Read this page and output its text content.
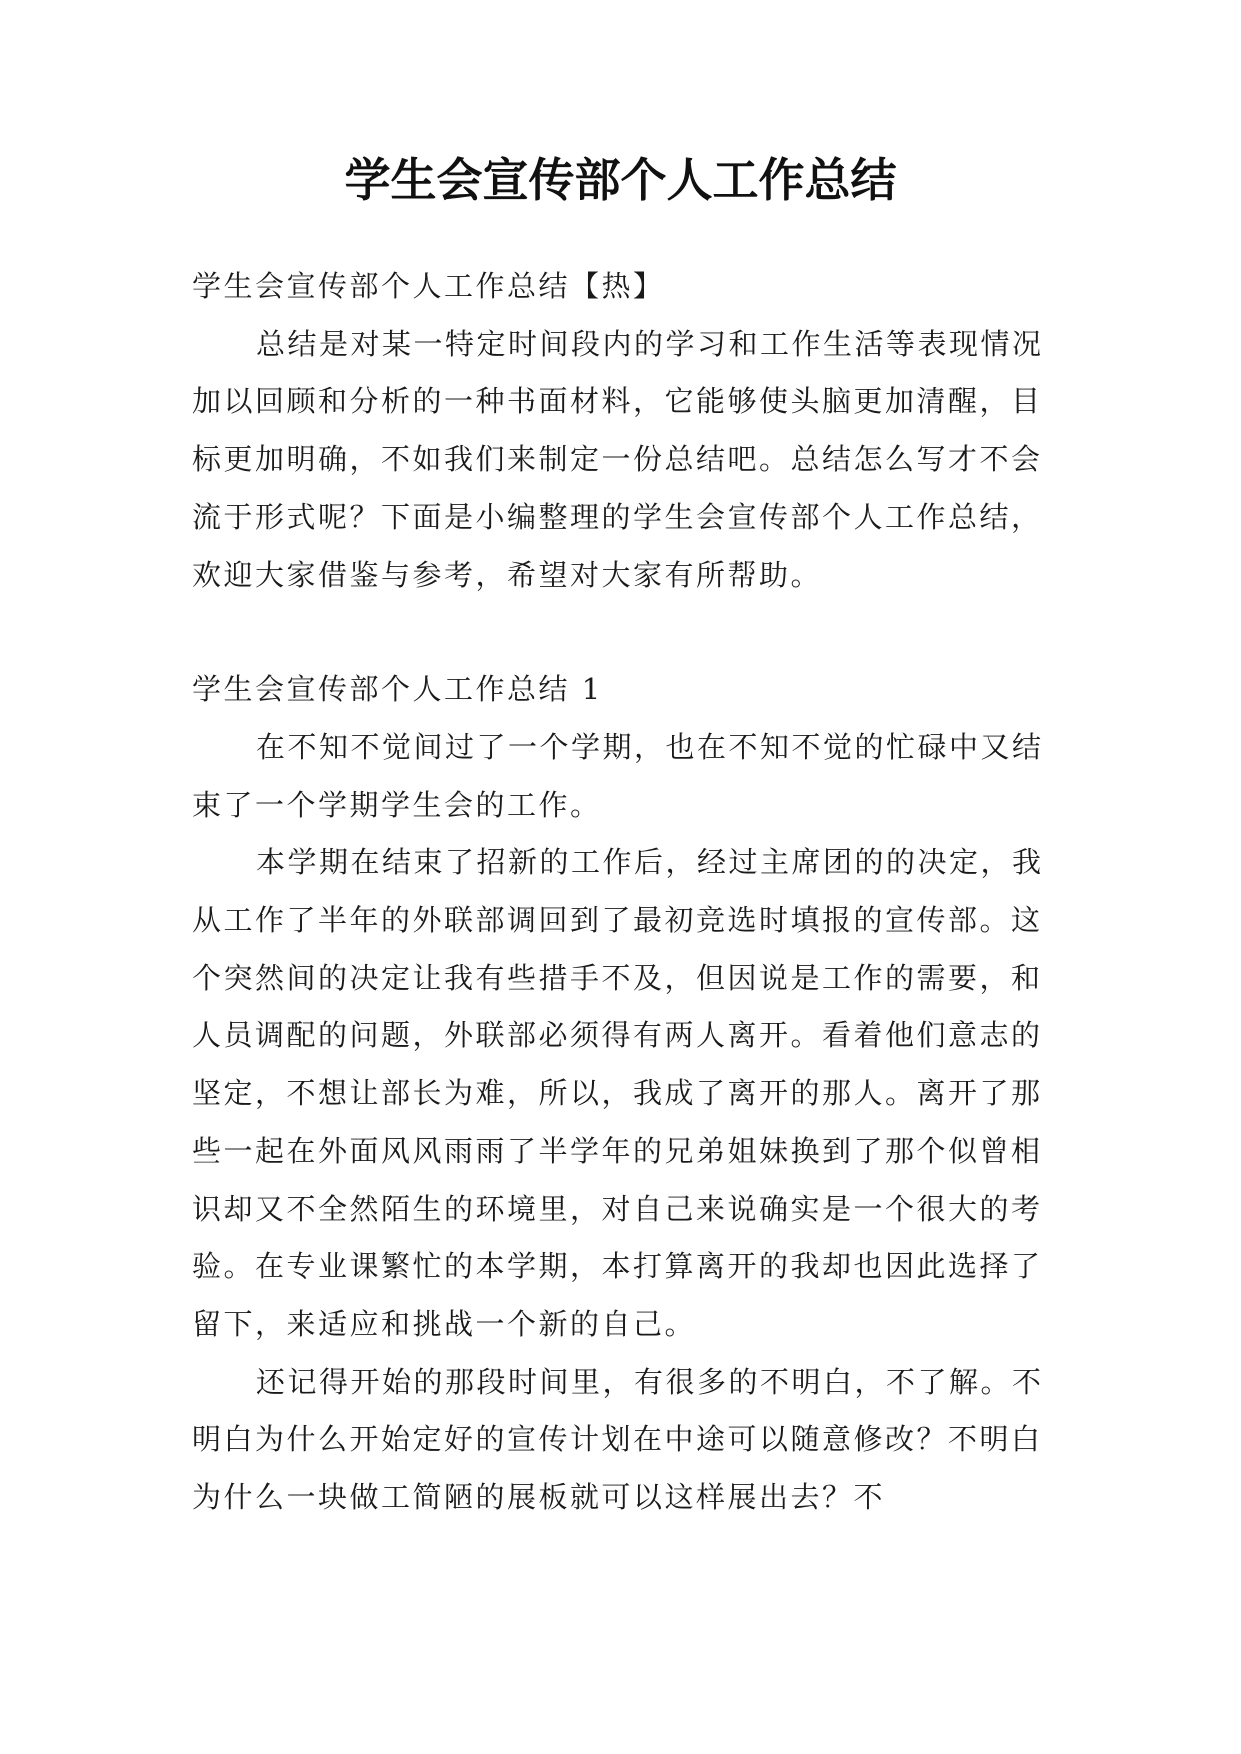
学生会宣传部个人工作总结

学生会宣传部个人工作总结【热】

总结是对某一特定时间段内的学习和工作生活等表现情况加以回顾和分析的一种书面材料，它能够使头脑更加清醒，目标更加明确，不如我们来制定一份总结吧。总结怎么写才不会流于形式呢？下面是小编整理的学生会宣传部个人工作总结，欢迎大家借鉴与参考，希望对大家有所帮助。

学生会宣传部个人工作总结 1

在不知不觉间过了一个学期，也在不知不觉的忙碌中又结束了一个学期学生会的工作。

本学期在结束了招新的工作后，经过主席团的的决定，我从工作了半年的外联部调回到了最初竞选时填报的宣传部。这个突然间的决定让我有些措手不及，但因说是工作的需要，和人员调配的问题，外联部必须得有两人离开。看着他们意志的坚定，不想让部长为难，所以，我成了离开的那人。离开了那些一起在外面风风雨雨了半学年的兄弟姐妹换到了那个似曾相识却又不全然陌生的环境里，对自己来说确实是一个很大的考验。在专业课繁忙的本学期，本打算离开的我却也因此选择了留下，来适应和挑战一个新的自己。

还记得开始的那段时间里，有很多的不明白，不了解。不明白为什么开始定好的宣传计划在中途可以随意修改？不明白为什么一块做工简陋的展板就可以这样展出去？不
